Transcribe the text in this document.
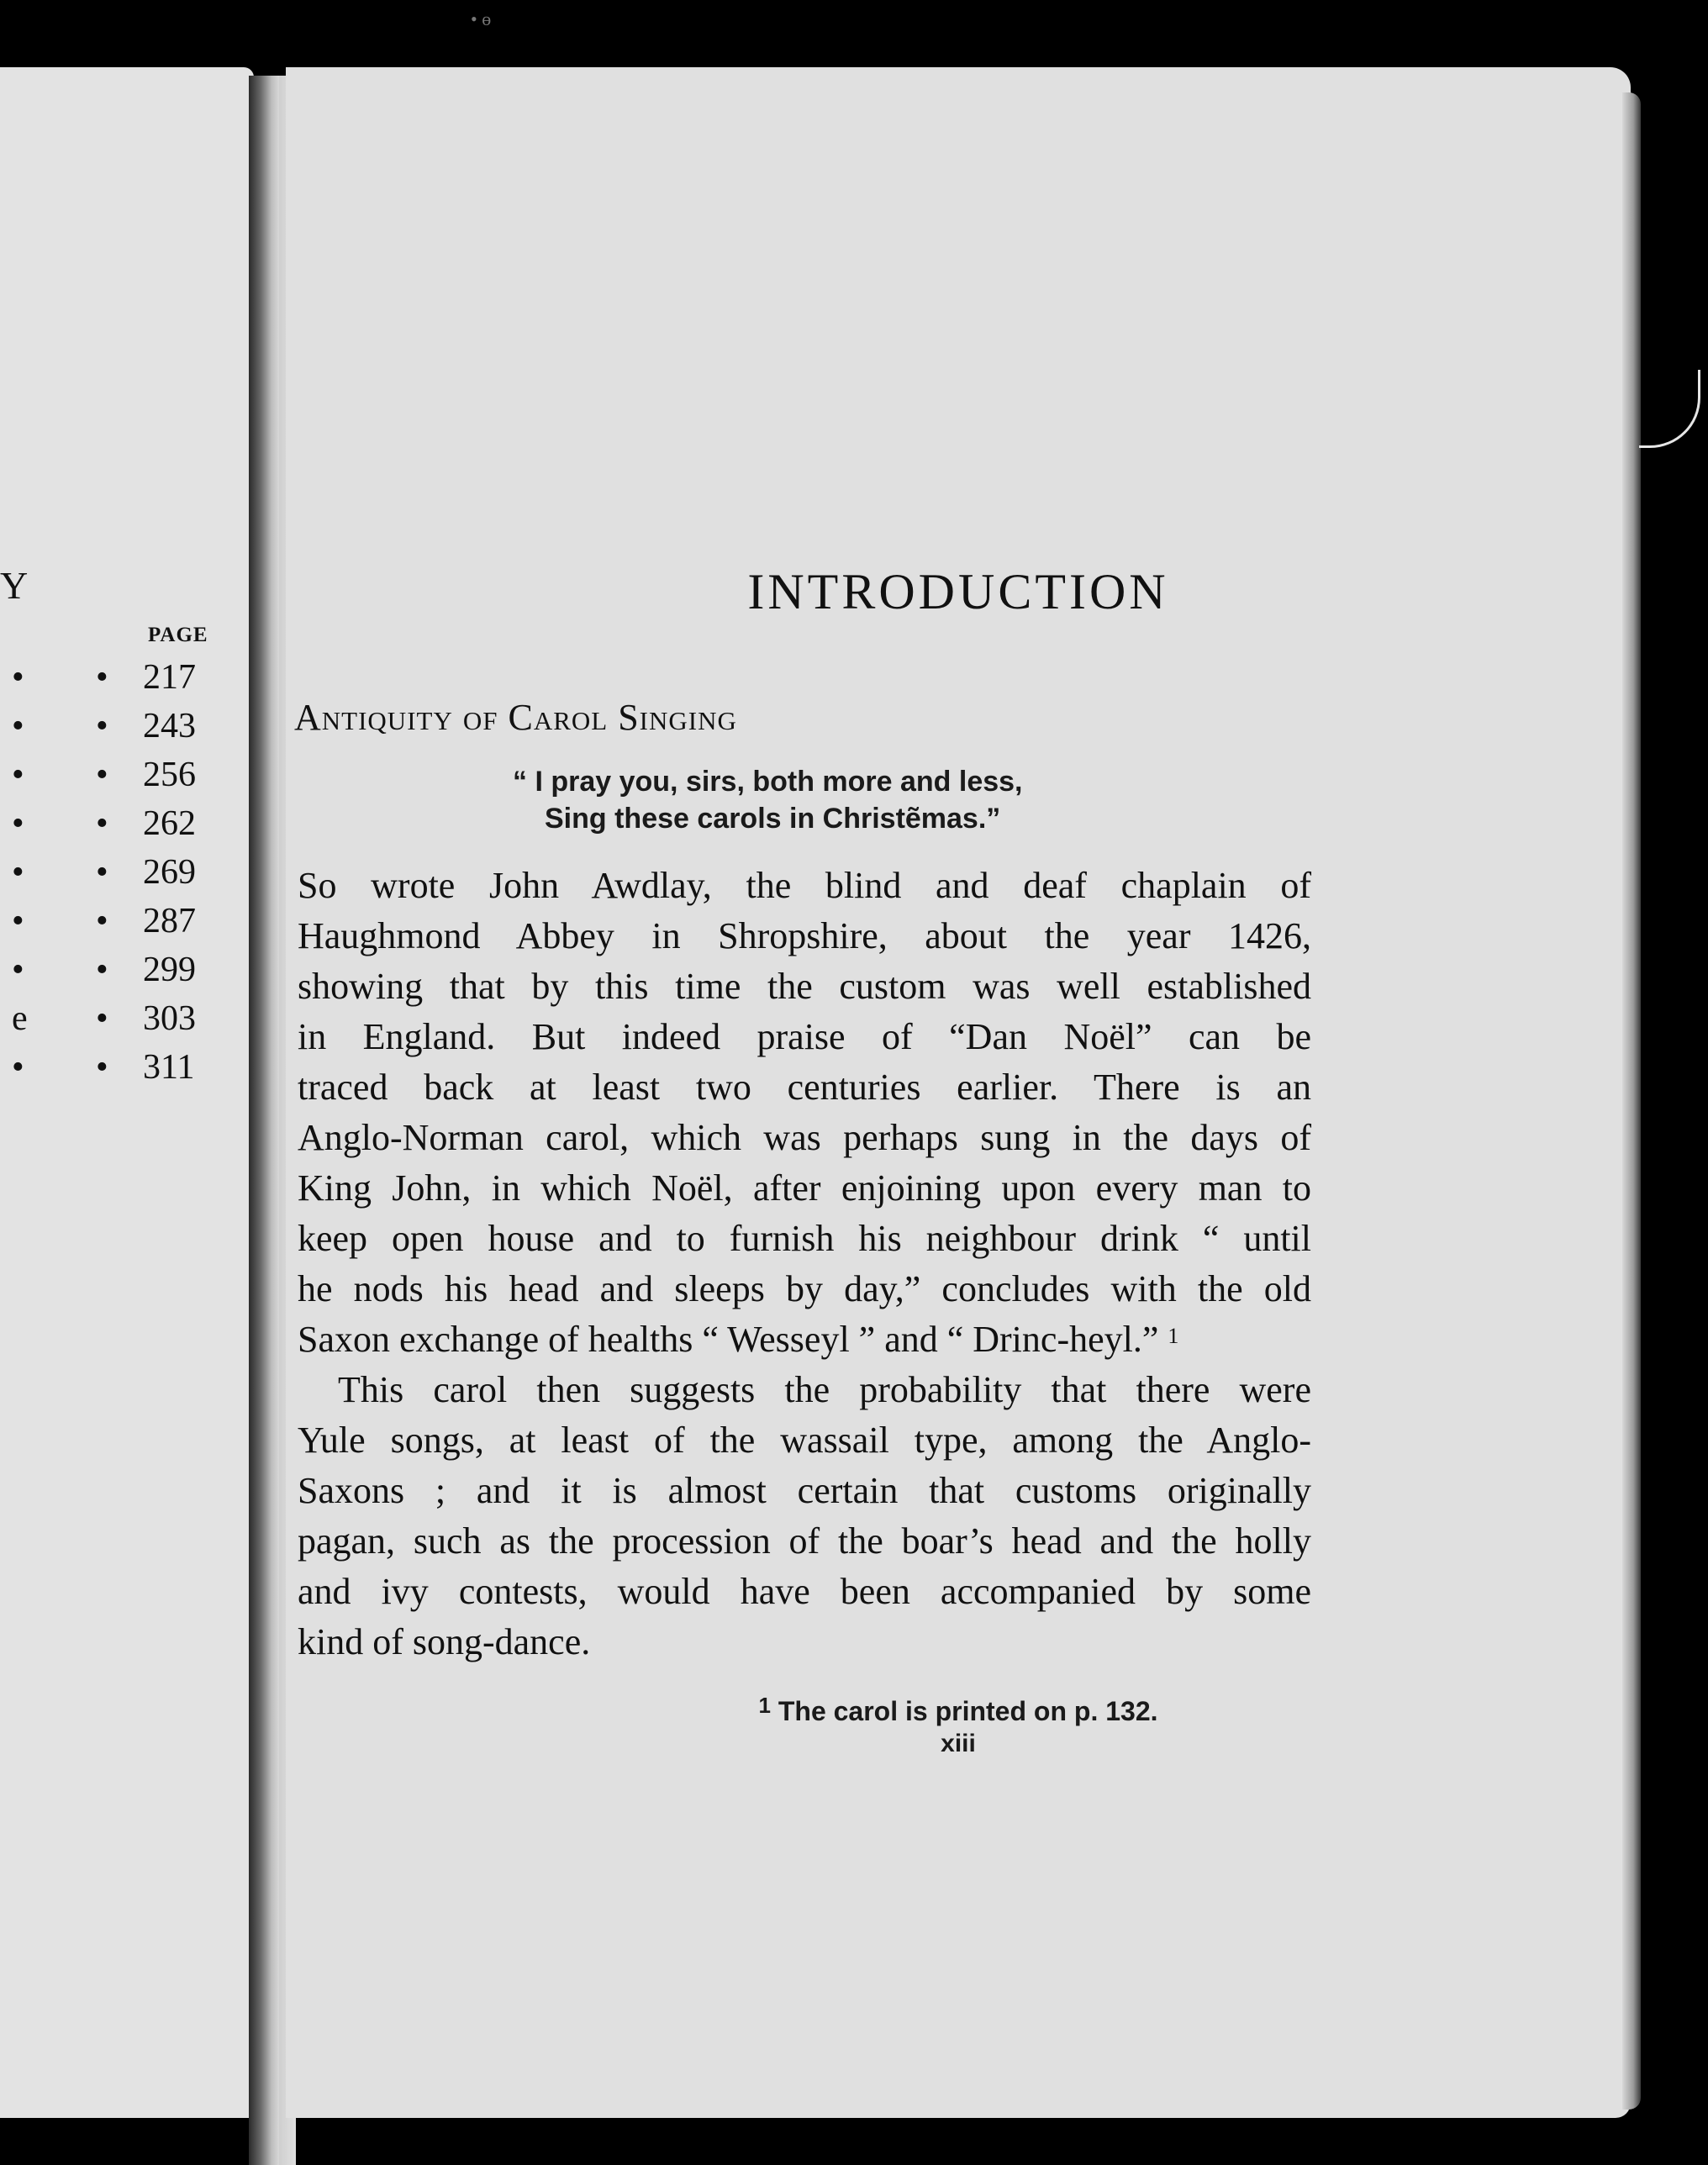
• ɵ
Y
PAGE
• • 217
• • 243
• • 256
• • 262
• • 269
• • 287
• • 299
e • 303
• • 311
INTRODUCTION
Antiquity of Carol Singing
“ I pray you, sirs, both more and less,
Sing these carols in Christẽmas.”
So wrote John Awdlay, the blind and deaf chaplain of
Haughmond Abbey in Shropshire, about the year 1426,
showing that by this time the custom was well established
in England. But indeed praise of “Dan Noël” can be
traced back at least two centuries earlier. There is an
Anglo-Norman carol, which was perhaps sung in the days of
King John, in which Noël, after enjoining upon every man to
keep open house and to furnish his neighbour drink “ until
he nods his head and sleeps by day,” concludes with the old
Saxon exchange of healths “ Wesseyl ” and “ Drinc-heyl.” $^1$
This carol then suggests the probability that there were
Yule songs, at least of the wassail type, among the Anglo-
Saxons ; and it is almost certain that customs originally
pagan, such as the procession of the boar’s head and the holly
and ivy contests, would have been accompanied by some
kind of song-dance.
$^1$ The carol is printed on p. 132.
xiii
